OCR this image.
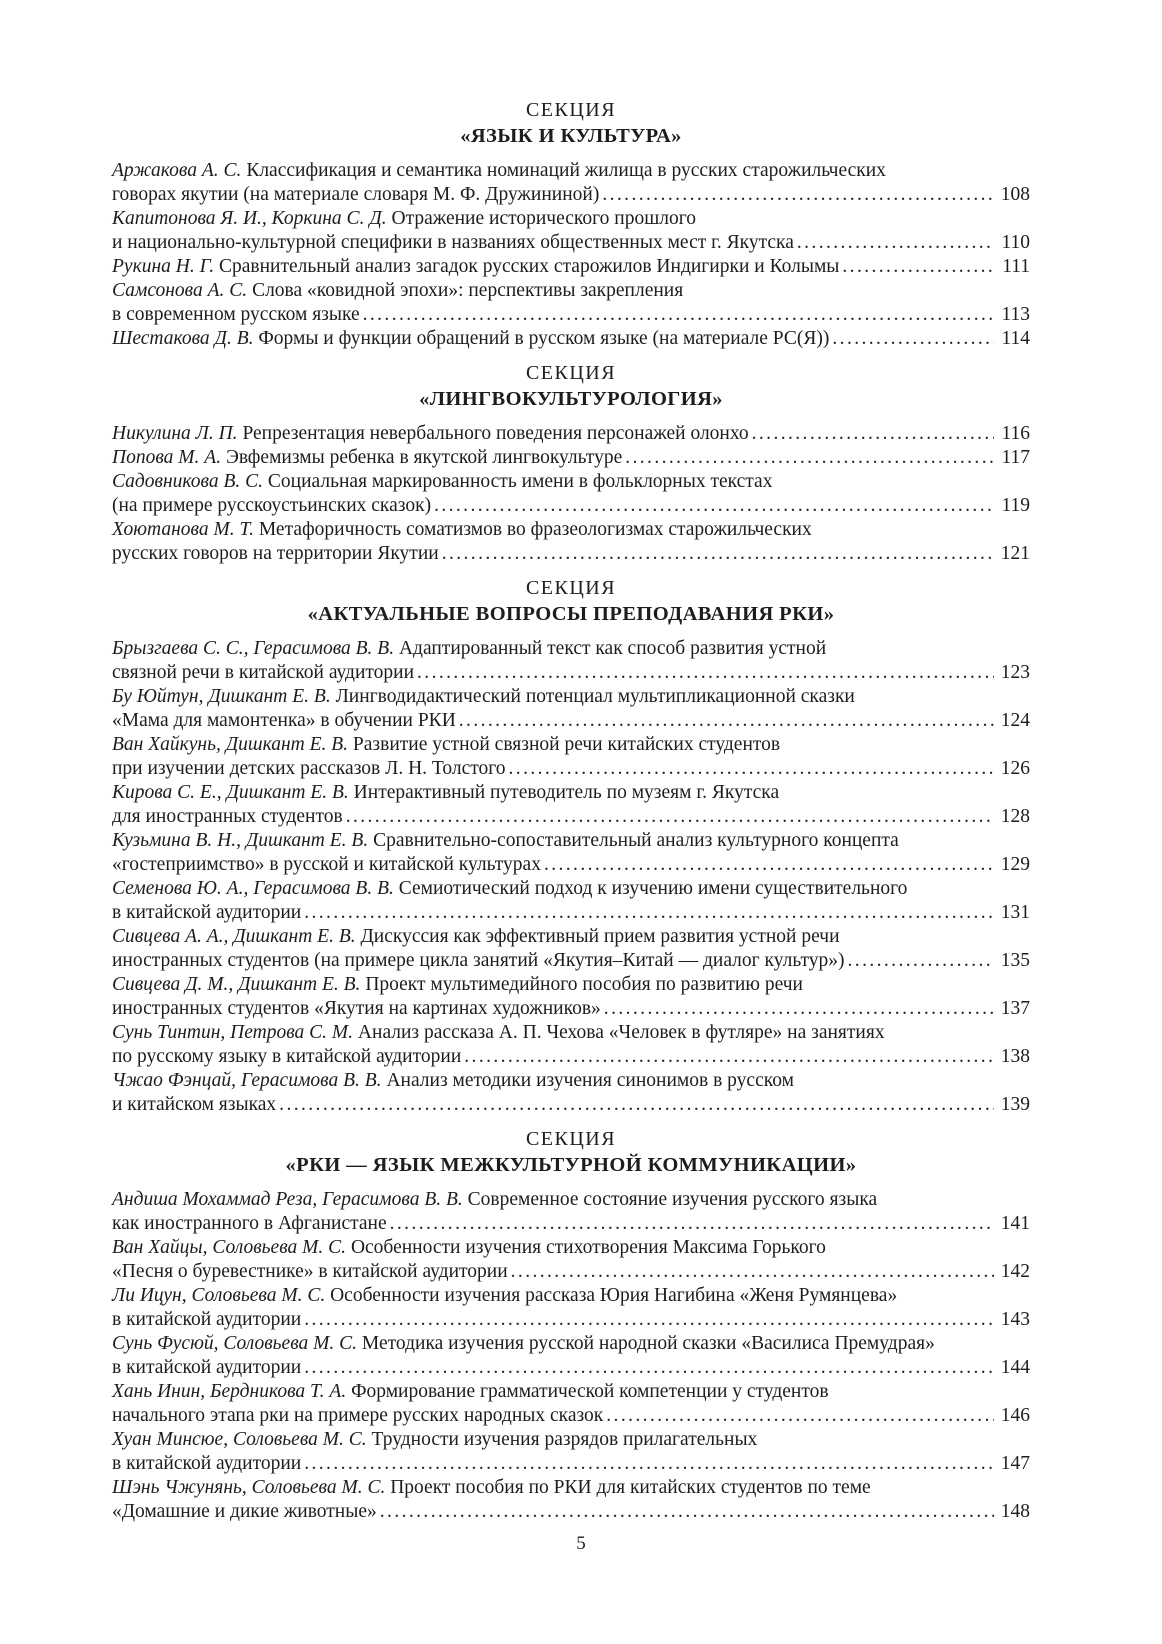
СЕКЦИЯ
«ЯЗЫК И КУЛЬТУРА»
Аржакова А. С. Классификация и семантика номинаций жилища в русских старожильческих
говорах якутии (на материале словаря М. Ф. Дружининой) .....	108
Капитонова Я. И., Коркина С. Д. Отражение исторического прошлого
и национально-культурной специфики в названиях общественных мест г. Якутска .....	110
Рукина Н. Г. Сравнительный анализ загадок русских старожилов Индигирки и Колымы .....	111
Самсонова А. С. Слова «ковидной эпохи»: перспективы закрепления
в современном русском языке .....	113
Шестакова Д. В. Формы и функции обращений в русском языке (на материале РС(Я)) .....	114
СЕКЦИЯ
«ЛИНГВОКУЛЬТУРОЛОГИЯ»
Никулина Л. П. Репрезентация невербального поведения персонажей олонхо .....	116
Попова М. А. Эвфемизмы ребенка в якутской лингвокультуре .....	117
Садовникова В. С. Социальная маркированность имени в фольклорных текстах
(на примере русскоустьинских сказок) .....	119
Хоютанова М. Т. Метафоричность соматизмов во фразеологизмах старожильческих
русских говоров на территории Якутии .....	121
СЕКЦИЯ
«АКТУАЛЬНЫЕ ВОПРОСЫ ПРЕПОДАВАНИЯ РКИ»
Брызгаева С. С., Герасимова В. В. Адаптированный текст как способ развития устной
связной речи в китайской аудитории .....	123
Бу Юйтун, Дишкант Е. В. Лингводидактический потенциал мультипликационной сказки
«Мама для мамонтенка» в обучении РКИ .....	124
Ван Хайкунь, Дишкант Е. В. Развитие устной связной речи китайских студентов
при изучении детских рассказов Л. Н. Толстого .....	126
Кирова С. Е., Дишкант Е. В. Интерактивный путеводитель по музеям г. Якутска
для иностранных студентов .....	128
Кузьмина В. Н., Дишкант Е. В. Сравнительно-сопоставительный анализ культурного концепта
«гостеприимство» в русской и китайской культурах .....	129
Семенова Ю. А., Герасимова В. В. Семиотический подход к изучению имени существительного
в китайской аудитории .....	131
Сивцева А. А., Дишкант Е. В. Дискуссия как эффективный прием развития устной речи
иностранных студентов (на примере цикла занятий «Якутия–Китай — диалог культур») .....	135
Сивцева Д. М., Дишкант Е. В. Проект мультимедийного пособия по развитию речи
иностранных студентов «Якутия на картинах художников» .....	137
Сунь Тинтин, Петрова С. М. Анализ рассказа А. П. Чехова «Человек в футляре» на занятиях
по русскому языку в китайской аудитории .....	138
Чжао Фэнцай, Герасимова В. В. Анализ методики изучения синонимов в русском
и китайском языках .....	139
СЕКЦИЯ
«РКИ — ЯЗЫК МЕЖКУЛЬТУРНОЙ КОММУНИКАЦИИ»
Андиша Мохаммад Реза, Герасимова В. В. Современное состояние изучения русского языка
как иностранного в Афганистане .....	141
Ван Хайцы, Соловьева М. С. Особенности изучения стихотворения Максима Горького
«Песня о буревестнике» в китайской аудитории .....	142
Ли Ицун, Соловьева М. С. Особенности изучения рассказа Юрия Нагибина «Женя Румянцева»
в китайской аудитории .....	143
Сунь Фусюй, Соловьева М. С. Методика изучения русской народной сказки «Василиса Премудрая»
в китайской аудитории .....	144
Хань Инин, Бердникова Т. А. Формирование грамматической компетенции у студентов
начального этапа рки на примере русских народных сказок .....	146
Хуан Минсюе, Соловьева М. С. Трудности изучения разрядов прилагательных
в китайской аудитории .....	147
Шэнь Чжунянь, Соловьева М. С. Проект пособия по РКИ для китайских студентов по теме
«Домашние и дикие животные» .....	148
5
